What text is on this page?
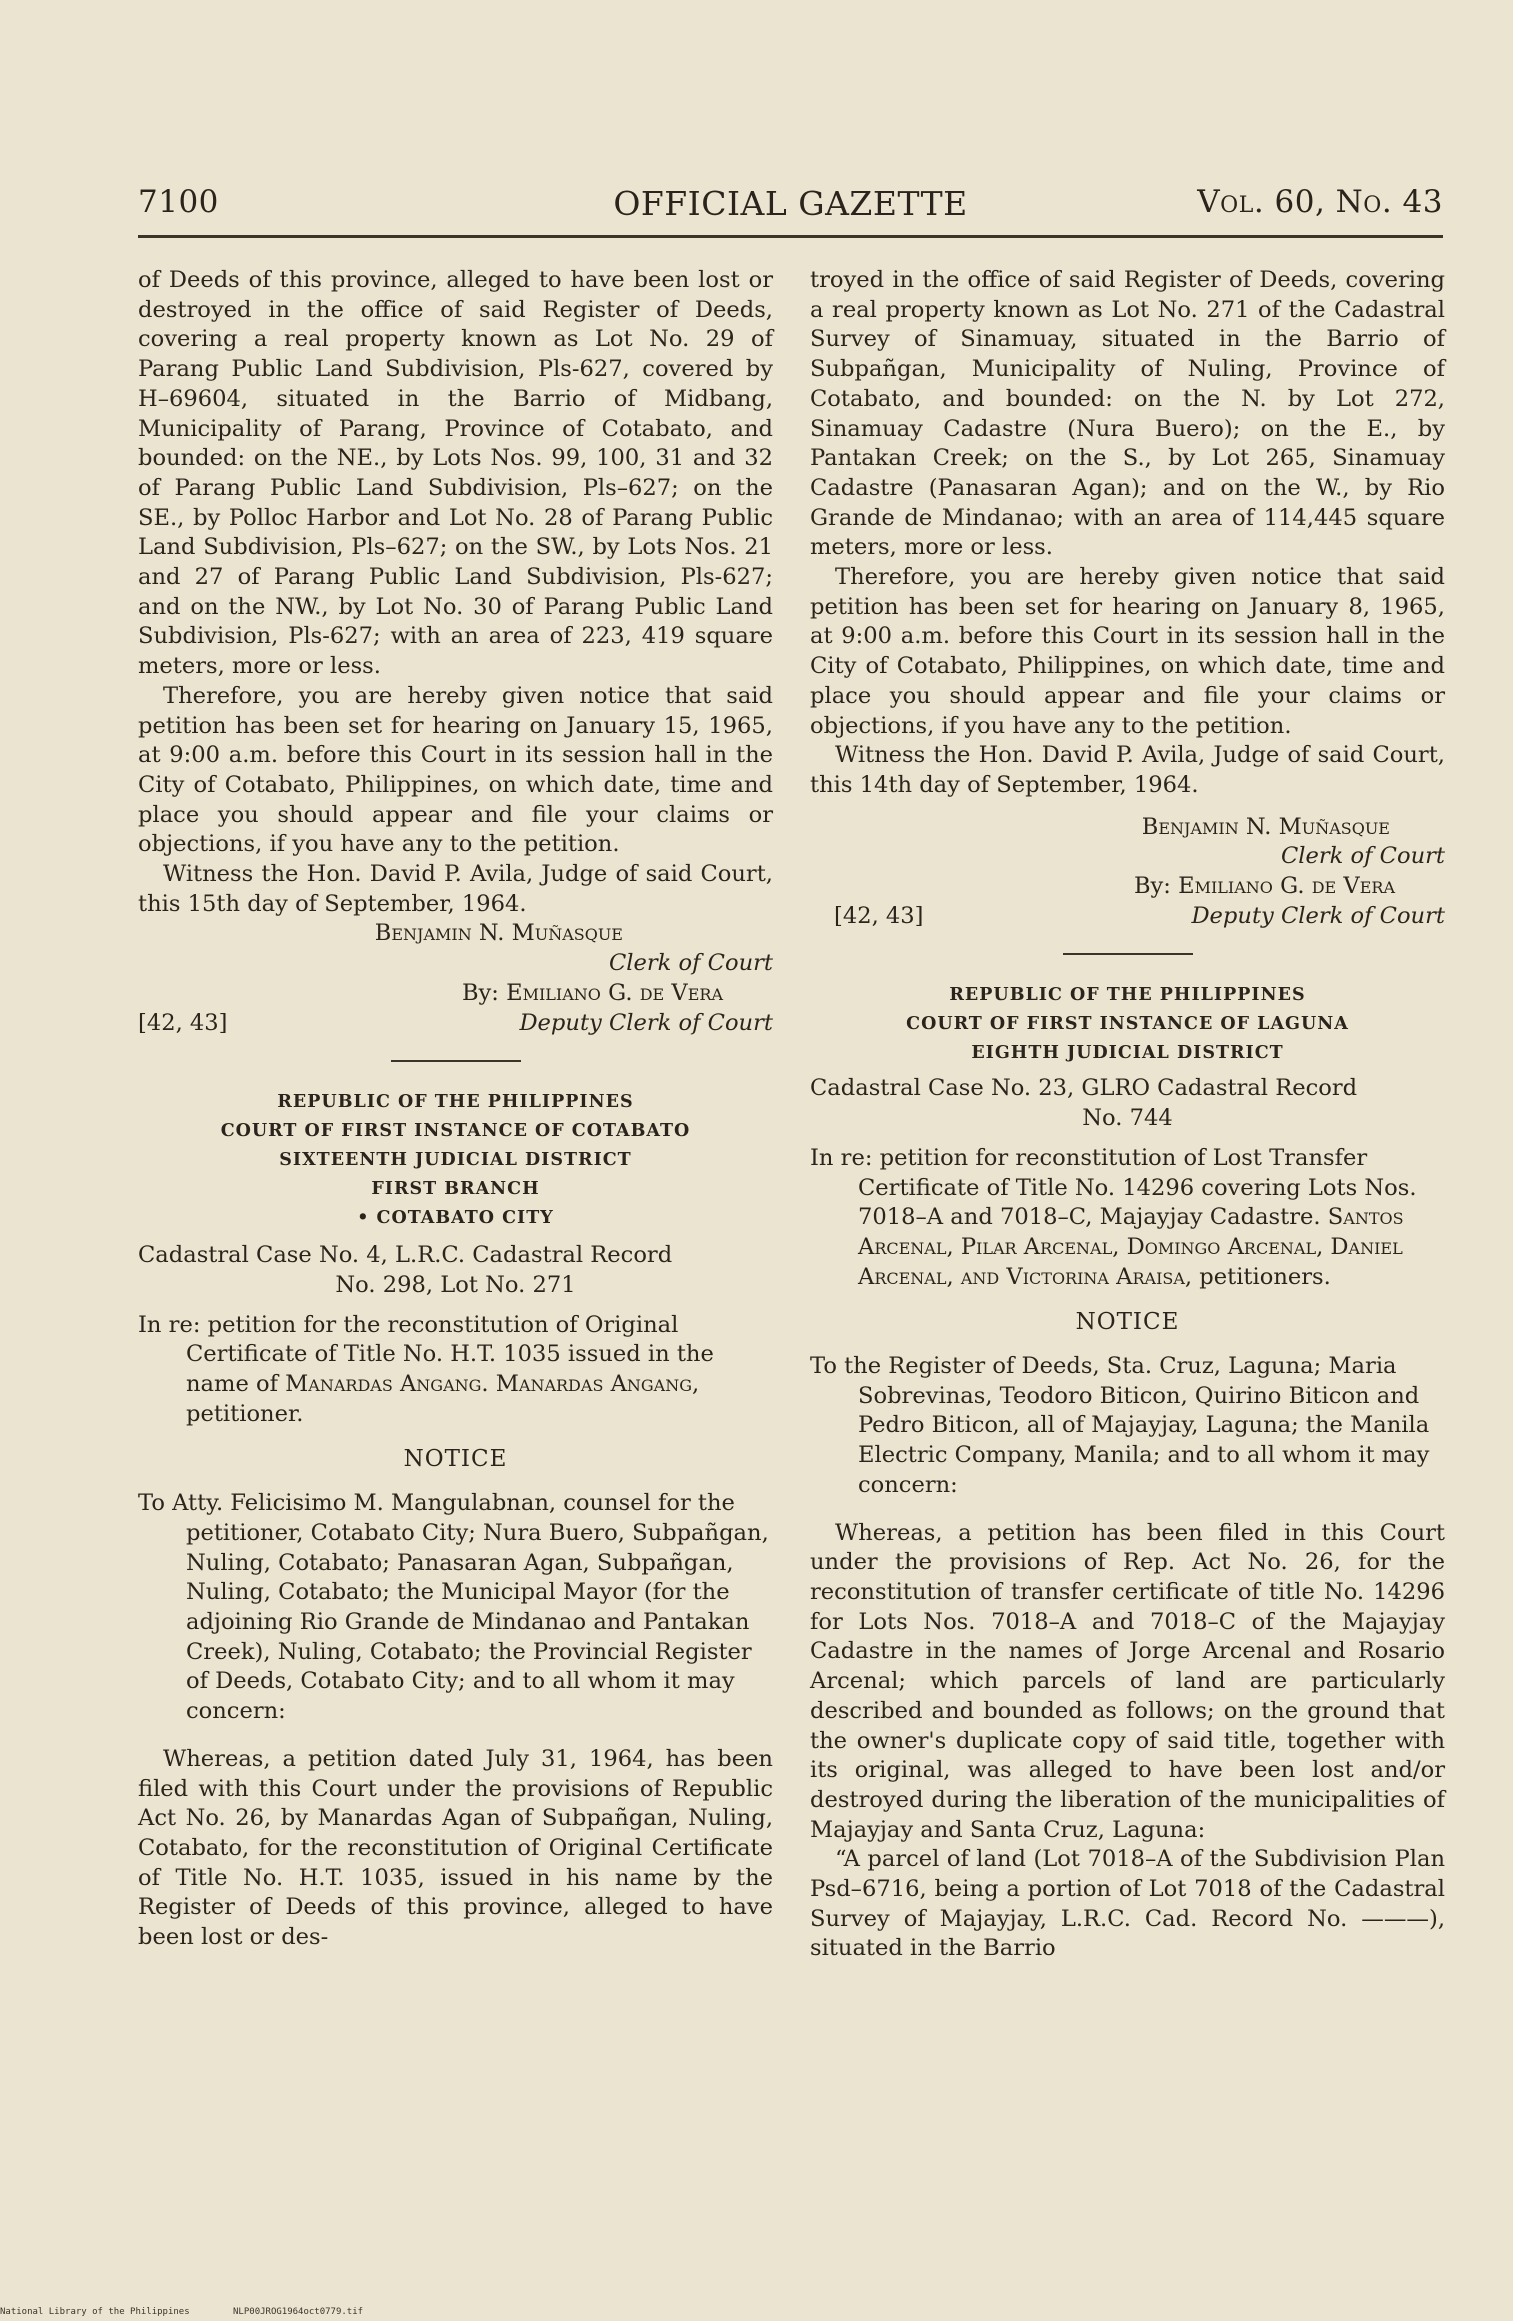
7100	OFFICIAL GAZETTE	Vol. 60, No. 43

of Deeds of this province, alleged to have been lost or destroyed in the office of said Register of Deeds, covering a real property known as Lot No. 29 of Parang Public Land Subdivision, Pls-627, covered by H–69604, situated in the Barrio of Midbang, Municipality of Parang, Province of Cotabato, and bounded: on the NE., by Lots Nos. 99, 100, 31 and 32 of Parang Public Land Subdivision, Pls–627; on the SE., by Polloc Harbor and Lot No. 28 of Parang Public Land Subdivision, Pls–627; on the SW., by Lots Nos. 21 and 27 of Parang Public Land Subdivision, Pls-627; and on the NW., by Lot No. 30 of Parang Public Land Subdivision, Pls-627; with an area of 223, 419 square meters, more or less.

Therefore, you are hereby given notice that said petition has been set for hearing on January 15, 1965, at 9:00 a.m. before this Court in its session hall in the City of Cotabato, Philippines, on which date, time and place you should appear and file your claims or objections, if you have any to the petition.

Witness the Hon. David P. Avila, Judge of said Court, this 15th day of September, 1964.

Benjamin N. Muñasque
Clerk of Court
By: Emiliano G. de Vera
[42, 43]	Deputy Clerk of Court
REPUBLIC OF THE PHILIPPINES
COURT OF FIRST INSTANCE OF COTABATO
SIXTEENTH JUDICIAL DISTRICT
FIRST BRANCH
• COTABATO CITY

Cadastral Case No. 4, L.R.C. Cadastral Record

No. 298, Lot No. 271

In re: petition for the reconstitution of Original Certificate of Title No. H.T. 1035 issued in the name of Manardas Angang. Manardas Angang, petitioner.

NOTICE

To Atty. Felicisimo M. Mangulabnan, counsel for the petitioner, Cotabato City; Nura Buero, Subpañgan, Nuling, Cotabato; Panasaran Agan, Subpañgan, Nuling, Cotabato; the Municipal Mayor (for the adjoining Rio Grande de Mindanao and Pantakan Creek), Nuling, Cotabato; the Provincial Register of Deeds, Cotabato City; and to all whom it may concern:

Whereas, a petition dated July 31, 1964, has been filed with this Court under the provisions of Republic Act No. 26, by Manardas Agan of Subpañgan, Nuling, Cotabato, for the reconstitution of Original Certificate of Title No. H.T. 1035, issued in his name by the Register of Deeds of this province, alleged to have been lost or des-

troyed in the office of said Register of Deeds, covering a real property known as Lot No. 271 of the Cadastral Survey of Sinamuay, situated in the Barrio of Subpañgan, Municipality of Nuling, Province of Cotabato, and bounded: on the N. by Lot 272, Sinamuay Cadastre (Nura Buero); on the E., by Pantakan Creek; on the S., by Lot 265, Sinamuay Cadastre (Panasaran Agan); and on the W., by Rio Grande de Mindanao; with an area of 114,445 square meters, more or less.

Therefore, you are hereby given notice that said petition has been set for hearing on January 8, 1965, at 9:00 a.m. before this Court in its session hall in the City of Cotabato, Philippines, on which date, time and place you should appear and file your claims or objections, if you have any to the petition.

Witness the Hon. David P. Avila, Judge of said Court, this 14th day of September, 1964.

Benjamin N. Muñasque
Clerk of Court
By: Emiliano G. de Vera
[42, 43]	Deputy Clerk of Court
REPUBLIC OF THE PHILIPPINES
COURT OF FIRST INSTANCE OF LAGUNA
EIGHTH JUDICIAL DISTRICT

Cadastral Case No. 23, GLRO Cadastral Record

No. 744

In re: petition for reconstitution of Lost Transfer Certificate of Title No. 14296 covering Lots Nos. 7018–A and 7018–C, Majayjay Cadastre. Santos Arcenal, Pilar Arcenal, Domingo Arcenal, Daniel Arcenal, and Victorina Araisa, petitioners.

NOTICE

To the Register of Deeds, Sta. Cruz, Laguna; Maria Sobrevinas, Teodoro Biticon, Quirino Biticon and Pedro Biticon, all of Majayjay, Laguna; the Manila Electric Company, Manila; and to all whom it may concern:

Whereas, a petition has been filed in this Court under the provisions of Rep. Act No. 26, for the reconstitution of transfer certificate of title No. 14296 for Lots Nos. 7018–A and 7018–C of the Majayjay Cadastre in the names of Jorge Arcenal and Rosario Arcenal; which parcels of land are particularly described and bounded as follows; on the ground that the owner's duplicate copy of said title, together with its original, was alleged to have been lost and/or destroyed during the liberation of the municipalities of Majayjay and Santa Cruz, Laguna:

“A parcel of land (Lot 7018–A of the Subdivision Plan Psd–6716, being a portion of Lot 7018 of the Cadastral Survey of Majayjay, L.R.C. Cad. Record No. ———), situated in the Barrio

National Library of the Philippines	NLP00JROG1964oct0779.tif
